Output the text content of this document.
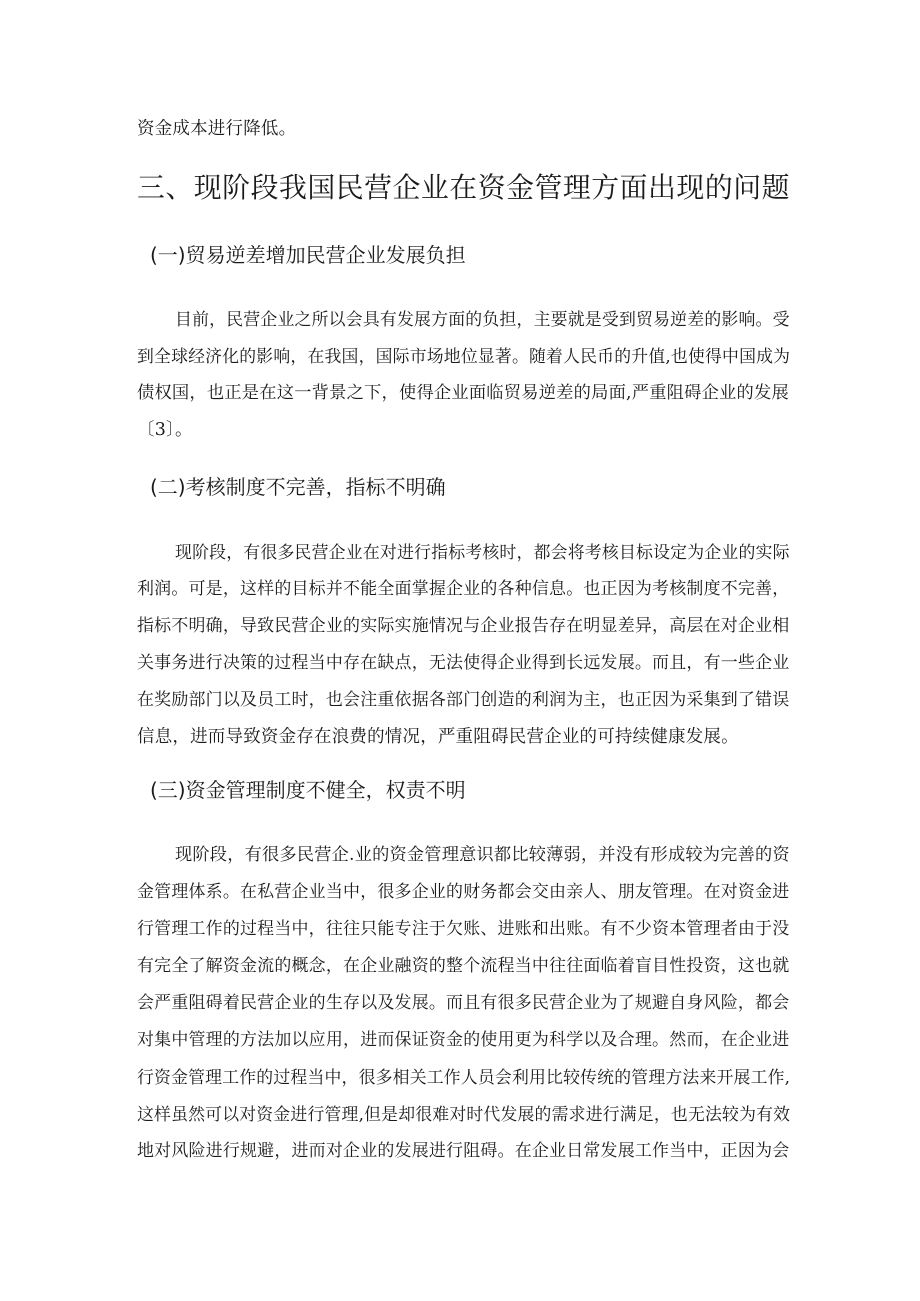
资金成本进行降低。
三、现阶段我国民营企业在资金管理方面出现的问题
(一)贸易逆差增加民营企业发展负担
目前，民营企业之所以会具有发展方面的负担，主要就是受到贸易逆差的影响。受
到全球经济化的影响，在我国，国际市场地位显著。随着人民币的升值,也使得中国成为
债权国，也正是在这一背景之下，使得企业面临贸易逆差的局面,严重阻碍企业的发展
〔3〕。
(二)考核制度不完善，指标不明确
现阶段，有很多民营企业在对进行指标考核时，都会将考核目标设定为企业的实际
利润。可是，这样的目标并不能全面掌握企业的各种信息。也正因为考核制度不完善，
指标不明确，导致民营企业的实际实施情况与企业报告存在明显差异，高层在对企业相
关事务进行决策的过程当中存在缺点，无法使得企业得到长远发展。而且，有一些企业
在奖励部门以及员工时，也会注重依据各部门创造的利润为主，也正因为采集到了错误
信息，进而导致资金存在浪费的情况，严重阻碍民营企业的可持续健康发展。
(三)资金管理制度不健全，权责不明
现阶段，有很多民营企.业的资金管理意识都比较薄弱，并没有形成较为完善的资
金管理体系。在私营企业当中，很多企业的财务都会交由亲人、朋友管理。在对资金进
行管理工作的过程当中，往往只能专注于欠账、进账和出账。有不少资本管理者由于没
有完全了解资金流的概念，在企业融资的整个流程当中往往面临着盲目性投资，这也就
会严重阻碍着民营企业的生存以及发展。而且有很多民营企业为了规避自身风险，都会
对集中管理的方法加以应用，进而保证资金的使用更为科学以及合理。然而，在企业进
行资金管理工作的过程当中，很多相关工作人员会利用比较传统的管理方法来开展工作,
这样虽然可以对资金进行管理,但是却很难对时代发展的需求进行满足，也无法较为有效
地对风险进行规避，进而对企业的发展进行阻碍。在企业日常发展工作当中，正因为会
